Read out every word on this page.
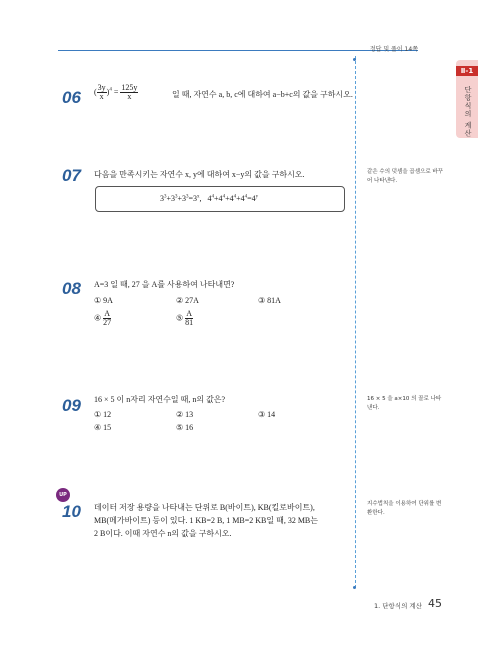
정답 및 풀이 14쪽
Ⅱ-1
단항식의 계산
06 ( $\frac{3y}{x} )^4 = \frac{125y}{x}$	일 때, 자연수 a, b, c에 대하여 a−b+c의 값을 구하시오.
07 다음을 만족시키는 자연수 x, y에 대하여 x−y의 값을 구하시오.
$3^3+3^3+3^3=3^x$,   $4^4+4^4+4^4+4^4=4^y$
같은 수의 덧셈을 곱셈으로 바꾸어 나타낸다.
08 A=3 일 때, 27 을 A를 사용하여 나타내면?
① 9A	② 27A	③ 81A
④ $\frac{A}{27}$	⑤ $\frac{A}{81}$
09 16 × 5 이 n자리 자연수일 때, n의 값은?
① 12	② 13	③ 14
④ 15	⑤ 16
16 × 5 을 a×10 의 꼴로 나타낸다.
UP
10 데이터 저장 용량을 나타내는 단위로 B(바이트), KB(킬로바이트),
MB(메가바이트) 등이 있다. 1 KB=2 B, 1 MB=2 KB일 때, 32 MB는
2 B이다. 이때 자연수 n의 값을 구하시오.
지수법칙을 이용하여 단위를 변환한다.
1. 단항식의 계산 45
